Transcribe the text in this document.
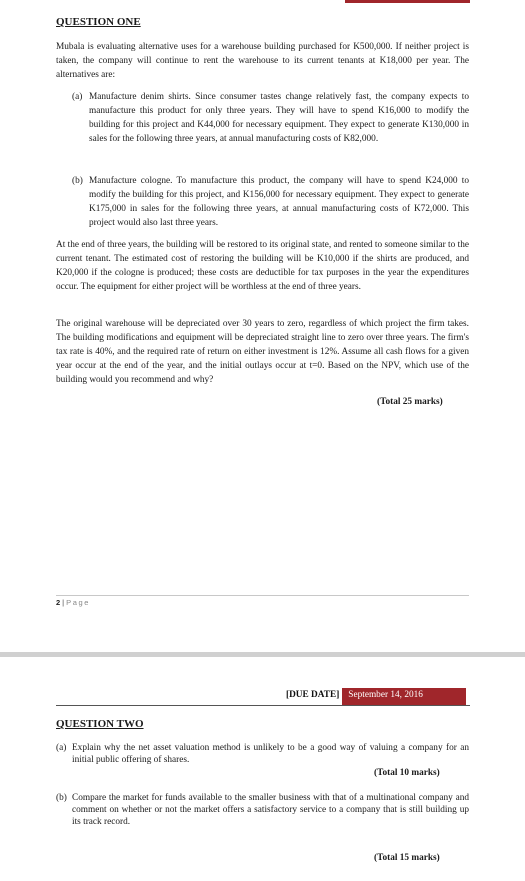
QUESTION ONE

Mubala is evaluating alternative uses for a warehouse building purchased for K500,000. If neither project is taken, the company will continue to rent the warehouse to its current tenants at K18,000 per year. The alternatives are:

(a) Manufacture denim shirts. Since consumer tastes change relatively fast, the company expects to manufacture this product for only three years. They will have to spend K16,000 to modify the building for this project and K44,000 for necessary equipment. They expect to generate K130,000 in sales for the following three years, at annual manufacturing costs of K82,000.
(b) Manufacture cologne. To manufacture this product, the company will have to spend K24,000 to modify the building for this project, and K156,000 for necessary equipment. They expect to generate K175,000 in sales for the following three years, at annual manufacturing costs of K72,000. This project would also last three years.

At the end of three years, the building will be restored to its original state, and rented to someone similar to the current tenant. The estimated cost of restoring the building will be K10,000 if the shirts are produced, and K20,000 if the cologne is produced; these costs are deductible for tax purposes in the year the expenditures occur. The equipment for either project will be worthless at the end of three years.

The original warehouse will be depreciated over 30 years to zero, regardless of which project the firm takes. The building modifications and equipment will be depreciated straight line to zero over three years. The firm's tax rate is 40%, and the required rate of return on either investment is 12%. Assume all cash flows for a given year occur at the end of the year, and the initial outlays occur at t=0. Based on the NPV, which use of the building would you recommend and why?

(Total 25 marks)

2 | Page
[DUE DATE] September 14, 2016
QUESTION TWO
(a) Explain why the net asset valuation method is unlikely to be a good way of valuing a company for an initial public offering of shares.

(Total 10 marks)

(b) Compare the market for funds available to the smaller business with that of a multinational company and comment on whether or not the market offers a satisfactory service to a company that is still building up its track record.

(Total 15 marks)
